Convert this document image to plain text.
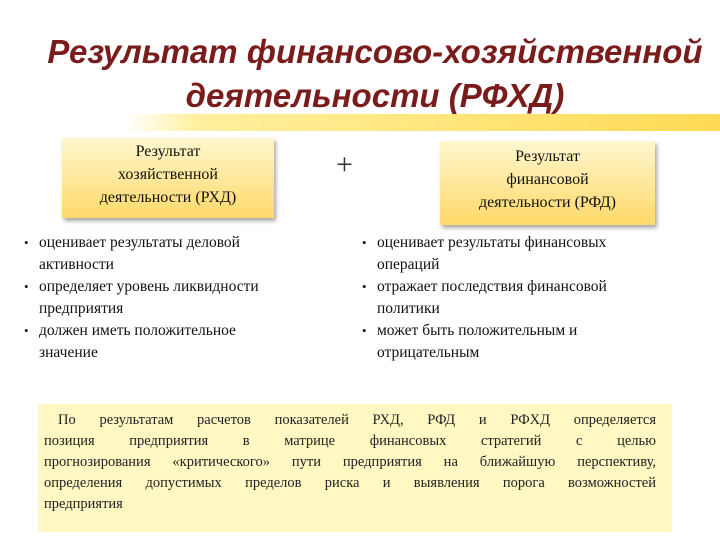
Результат финансово-хозяйственной
деятельности (РФХД)
Результат
хозяйственной
деятельности (РХД)
+	Результат
финансовой
деятельности (РФД)
• оценивает результаты деловой
активности
• определяет уровень ликвидности
предприятия
• должен иметь положительное
значение
• оценивает результаты финансовых
операций
• отражает последствия финансовой
политики
• может быть положительным и
отрицательным
По результатам расчетов показателей РХД, РФД и РФХД определяется
позиция предприятия в матрице финансовых стратегий с целью
прогнозирования «критического» пути предприятия на ближайшую перспективу,
определения допустимых пределов риска и выявления порога возможностей
предприятия
